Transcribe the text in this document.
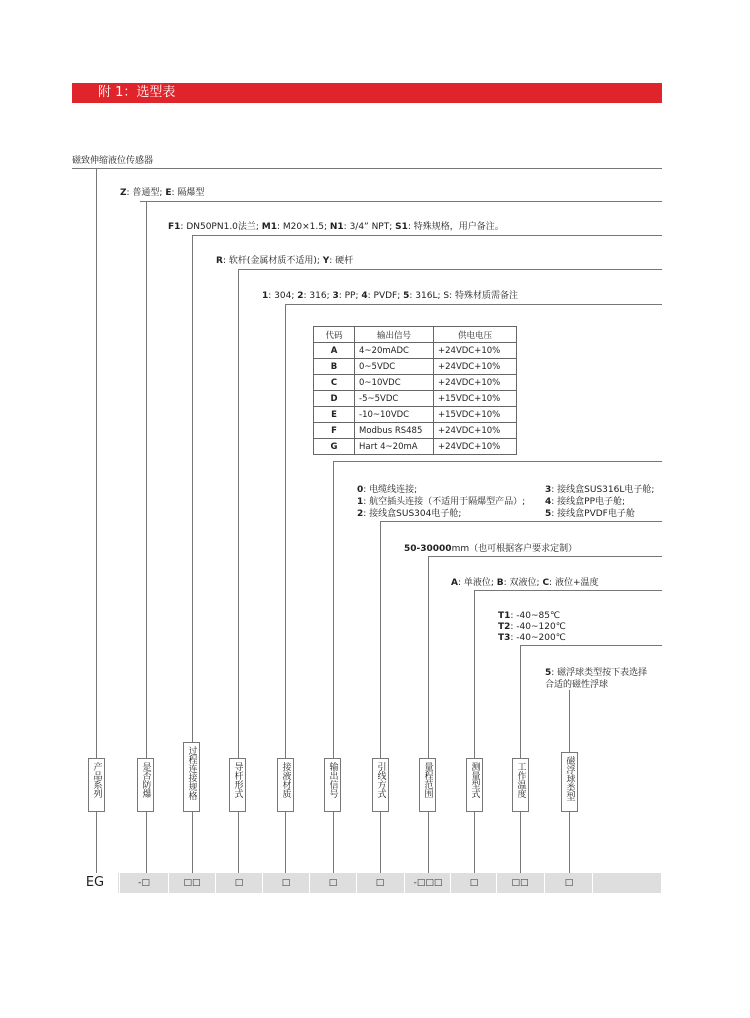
附 1：选型表
磁致伸缩液位传感器
Z: 普通型; E: 隔爆型
F1: DN50PN1.0法兰; M1: M20×1.5; N1: 3/4” NPT; S1: 特殊规格，用户备注。
R: 软杆(金属材质不适用); Y: 硬杆
1: 304; 2: 316; 3: PP; 4: PVDF; 5: 316L; S: 特殊材质需备注
代码	输出信号	供电电压
A	4~20mADC	+24VDC+10%
B	0~5VDC	+24VDC+10%
C	0~10VDC	+24VDC+10%
D	-5~5VDC	+15VDC+10%
E	-10~10VDC	+15VDC+10%
F	Modbus RS485	+24VDC+10%
G	Hart 4~20mA	+24VDC+10%
0: 电缆线连接;
1: 航空插头连接（不适用于隔爆型产品）;
2: 接线盒SUS304电子舱;
3: 接线盒SUS316L电子舱;
4: 接线盒PP电子舱;
5: 接线盒PVDF电子舱
50-30000mm（也可根据客户要求定制）
A: 单液位; B: 双液位; C: 液位+温度
T1: -40~85℃
T2: -40~120℃
T3: -40~200℃
5: 磁浮球类型按下表选择
合适的磁性浮球
产品系列	是否防爆	过程连接规格	导杆形式	接液材质	输出信号	引线方式	量程范围	测量型式	工作温度	磁浮球类型
EG	-□	□□	□	□	□	□	-□□□	□	□□	□
